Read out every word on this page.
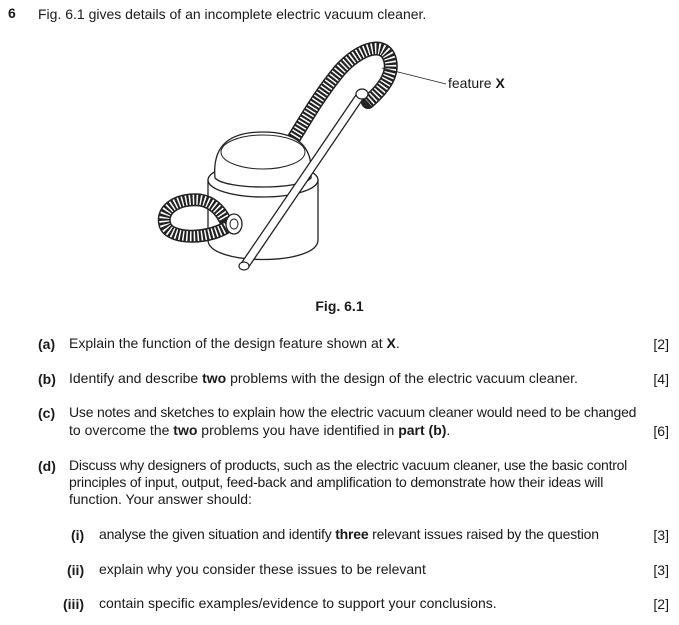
6 Fig. 6.1 gives details of an incomplete electric vacuum cleaner.
feature X
Fig. 6.1
(a) Explain the function of the design feature shown at X.	[2]
(b) Identify and describe two problems with the design of the electric vacuum cleaner.	[4]
(c) Use notes and sketches to explain how the electric vacuum cleaner would need to be changed
to overcome the two problems you have identified in part (b).	[6]
(d) Discuss why designers of products, such as the electric vacuum cleaner, use the basic control
principles of input, output, feed-back and amplification to demonstrate how their ideas will
function. Your answer should:
(i) analyse the given situation and identify three relevant issues raised by the question	[3]
(ii) explain why you consider these issues to be relevant	[3]
(iii) contain specific examples/evidence to support your conclusions.	[2]
